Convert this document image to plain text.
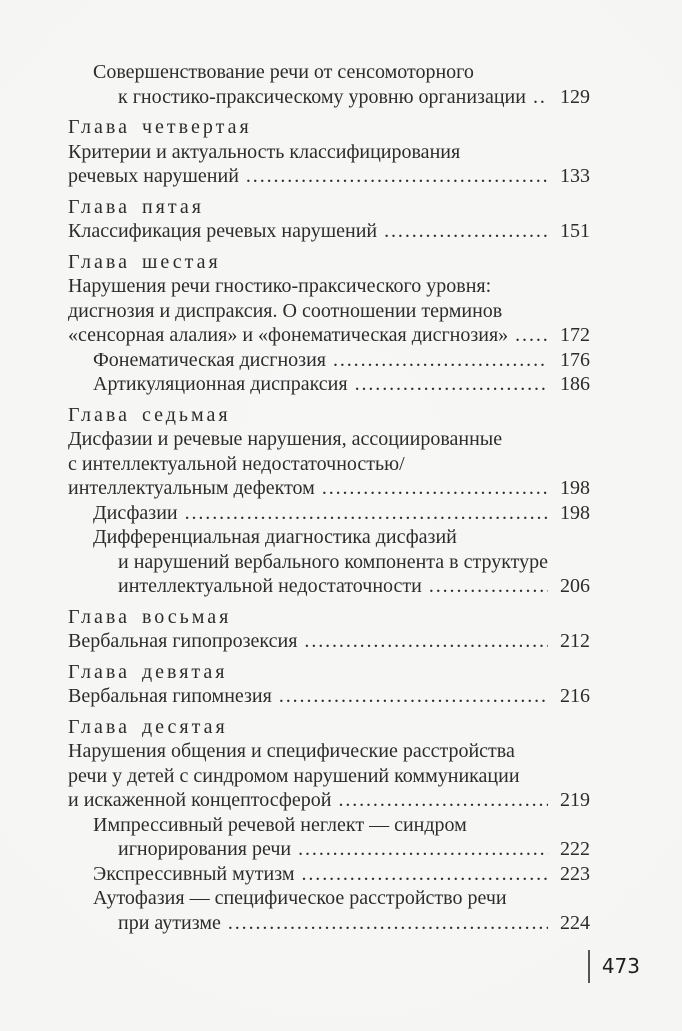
Совершенствование речи от сенсомоторного
к гностико-праксическому уровню организации ..... 129
Глава четвертая
Критерии и актуальность классифицирования
речевых нарушений .....	133
Глава пятая
Классификация речевых нарушений .....	151
Глава шестая
Нарушения речи гностико-праксического уровня:
дисгнозия и диспраксия. О соотношении терминов
«сенсорная алалия» и «фонематическая дисгнозия» .....	172
Фонематическая дисгнозия .....	176
Артикуляционная диспраксия .....	186
Глава седьмая
Дисфазии и речевые нарушения, ассоциированные
с интеллектуальной недостаточностью/
интеллектуальным дефектом .....	198
Дисфазии .....	198
Дифференциальная диагностика дисфазий
и нарушений вербального компонента в структуре
интеллектуальной недостаточности .....	206
Глава восьмая
Вербальная гипопрозексия .....	212
Глава девятая
Вербальная гипомнезия .....	216
Глава десятая
Нарушения общения и специфические расстройства
речи у детей с синдромом нарушений коммуникации
и искаженной концептосферой .....	219
Импрессивный речевой неглект — синдром
игнорирования речи .....	222
Экспрессивный мутизм .....	223
Аутофазия — специфическое расстройство речи
при аутизме .....	224
473
